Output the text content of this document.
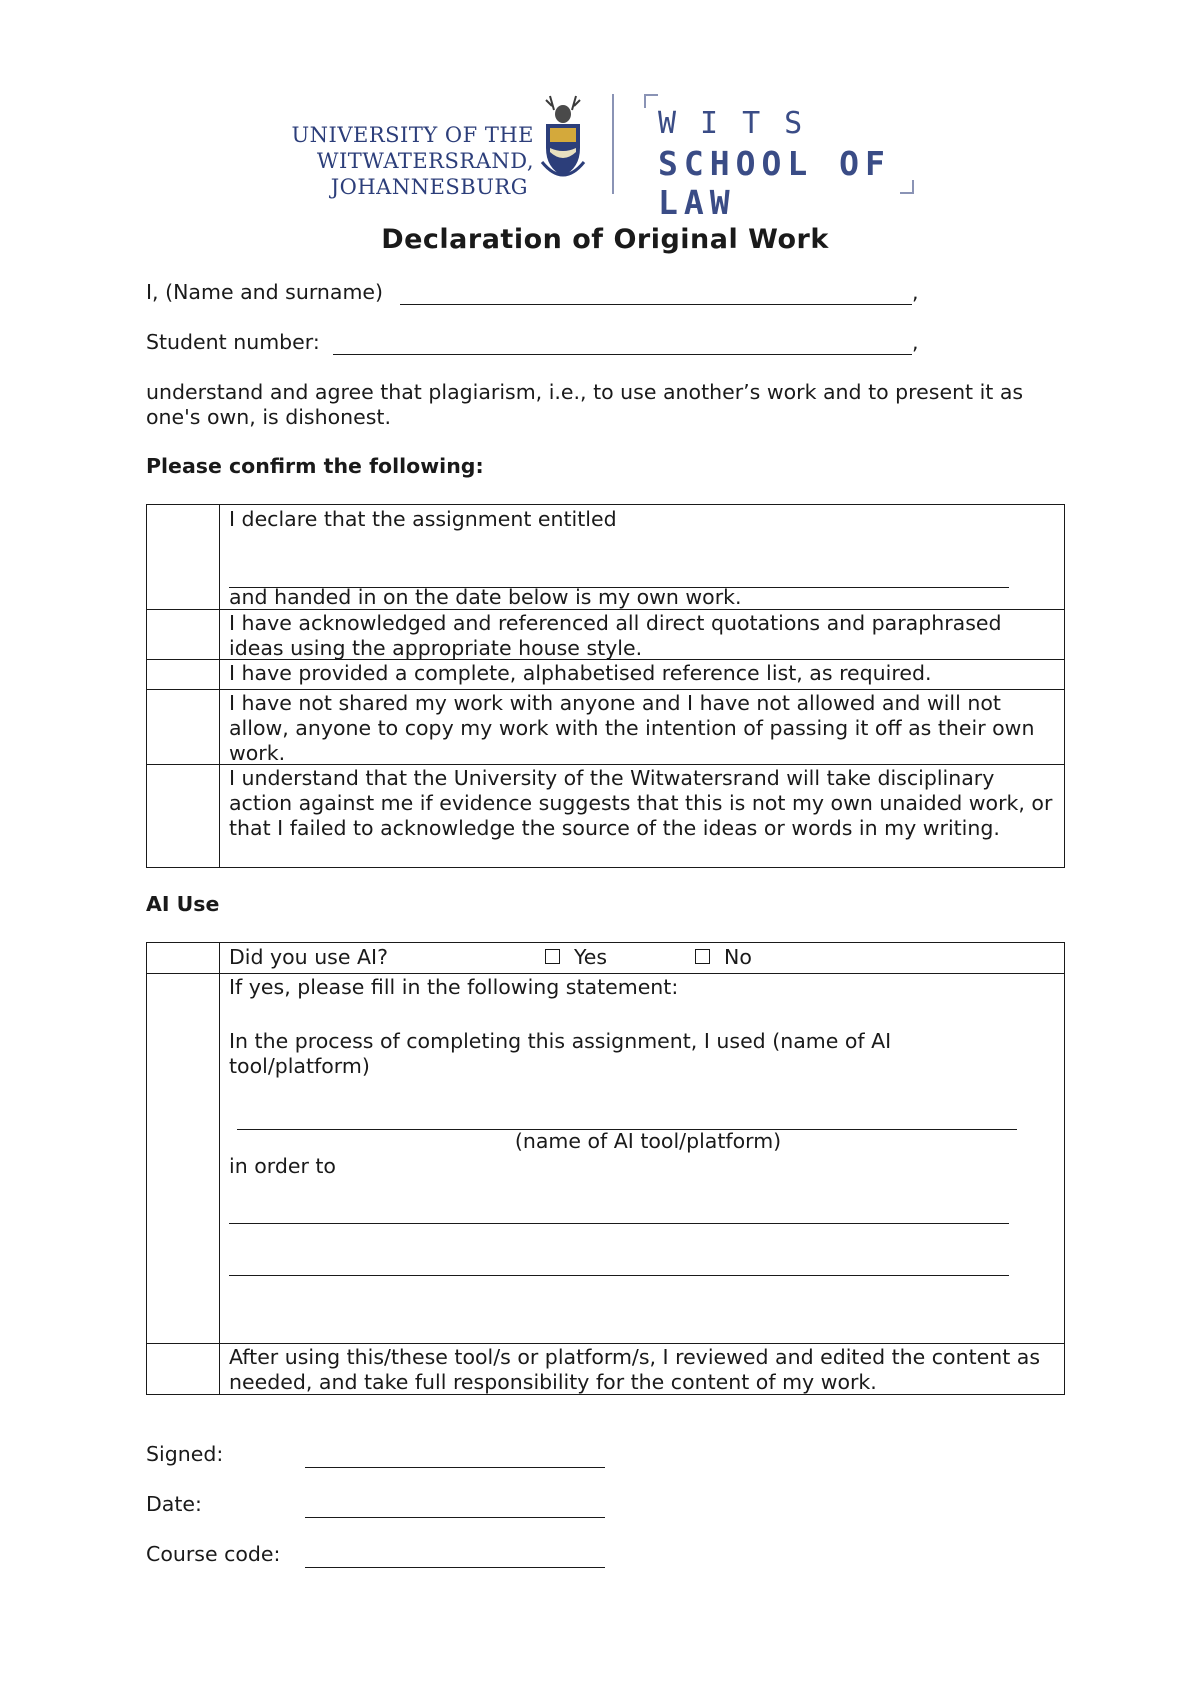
UNIVERSITY OF THE
WITWATERSRAND,
JOHANNESBURG
WITS
SCHOOL OF LAW
Declaration of Original Work
I, (Name and surname)	,
Student number:	,
understand and agree that plagiarism, i.e., to use another’s work and to present it as one's own, is dishonest.
Please confirm the following:
I declare that the assignment entitled
and handed in on the date below is my own work.
I have acknowledged and referenced all direct quotations and paraphrased ideas using the appropriate house style.
I have provided a complete, alphabetised reference list, as required.
I have not shared my work with anyone and I have not allowed and will not allow, anyone to copy my work with the intention of passing it off as their own work.
I understand that the University of the Witwatersrand will take disciplinary action against me if evidence suggests that this is not my own unaided work, or that I failed to acknowledge the source of the ideas or words in my writing.
AI Use
Did you use AI?	Yes	No
If yes, please fill in the following statement:
In the process of completing this assignment, I used (name of AI tool/platform)
(name of AI tool/platform)
in order to
After using this/these tool/s or platform/s, I reviewed and edited the content as needed, and take full responsibility for the content of my work.
Signed:
Date:
Course code:
